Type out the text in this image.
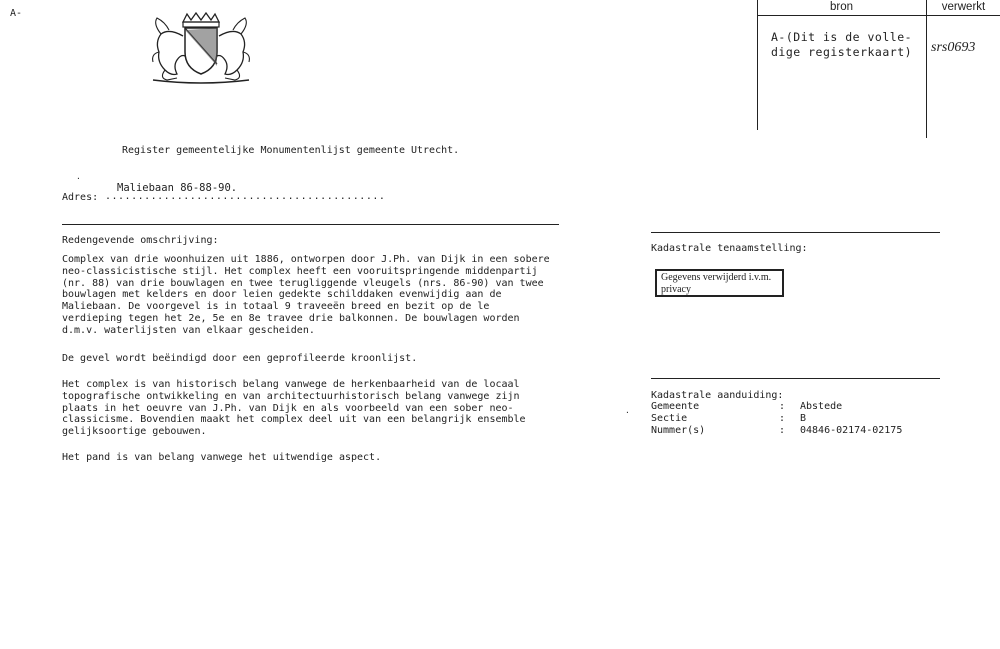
A-
bron	verwerkt
A-(Dit is de volle-
dige registerkaart) srs0693
Register gemeentelijke Monumentenlijst gemeente Utrecht.
·
Maliebaan 86-88-90.
Adres: ...........................................
Redengevende omschrijving:
Complex van drie woonhuizen uit 1886, ontworpen door J.Ph. van Dijk in een sobere
neo-classicistische stijl. Het complex heeft een vooruitspringende middenpartij
(nr. 88) van drie bouwlagen en twee terugliggende vleugels (nrs. 86-90) van twee
bouwlagen met kelders en door leien gedekte schilddaken evenwijdig aan de
Maliebaan. De voorgevel is in totaal 9 traveeën breed en bezit op de le
verdieping tegen het 2e, 5e en 8e travee drie balkonnen. De bouwlagen worden
d.m.v. waterlijsten van elkaar gescheiden.
De gevel wordt beëindigd door een geprofileerde kroonlijst.
Het complex is van historisch belang vanwege de herkenbaarheid van de locaal
topografische ontwikkeling en van architectuurhistorisch belang vanwege zijn
plaats in het oeuvre van J.Ph. van Dijk en als voorbeeld van een sober neo-
classicisme. Bovendien maakt het complex deel uit van een belangrijk ensemble
gelijksoortige gebouwen.
Het pand is van belang vanwege het uitwendige aspect.
Kadastrale tenaamstelling:
Gegevens verwijderd i.v.m.
privacy
·
Kadastrale aanduiding:
Gemeente	: Abstede
Sectie	: B
Nummer(s)	: 04846-02174-02175
